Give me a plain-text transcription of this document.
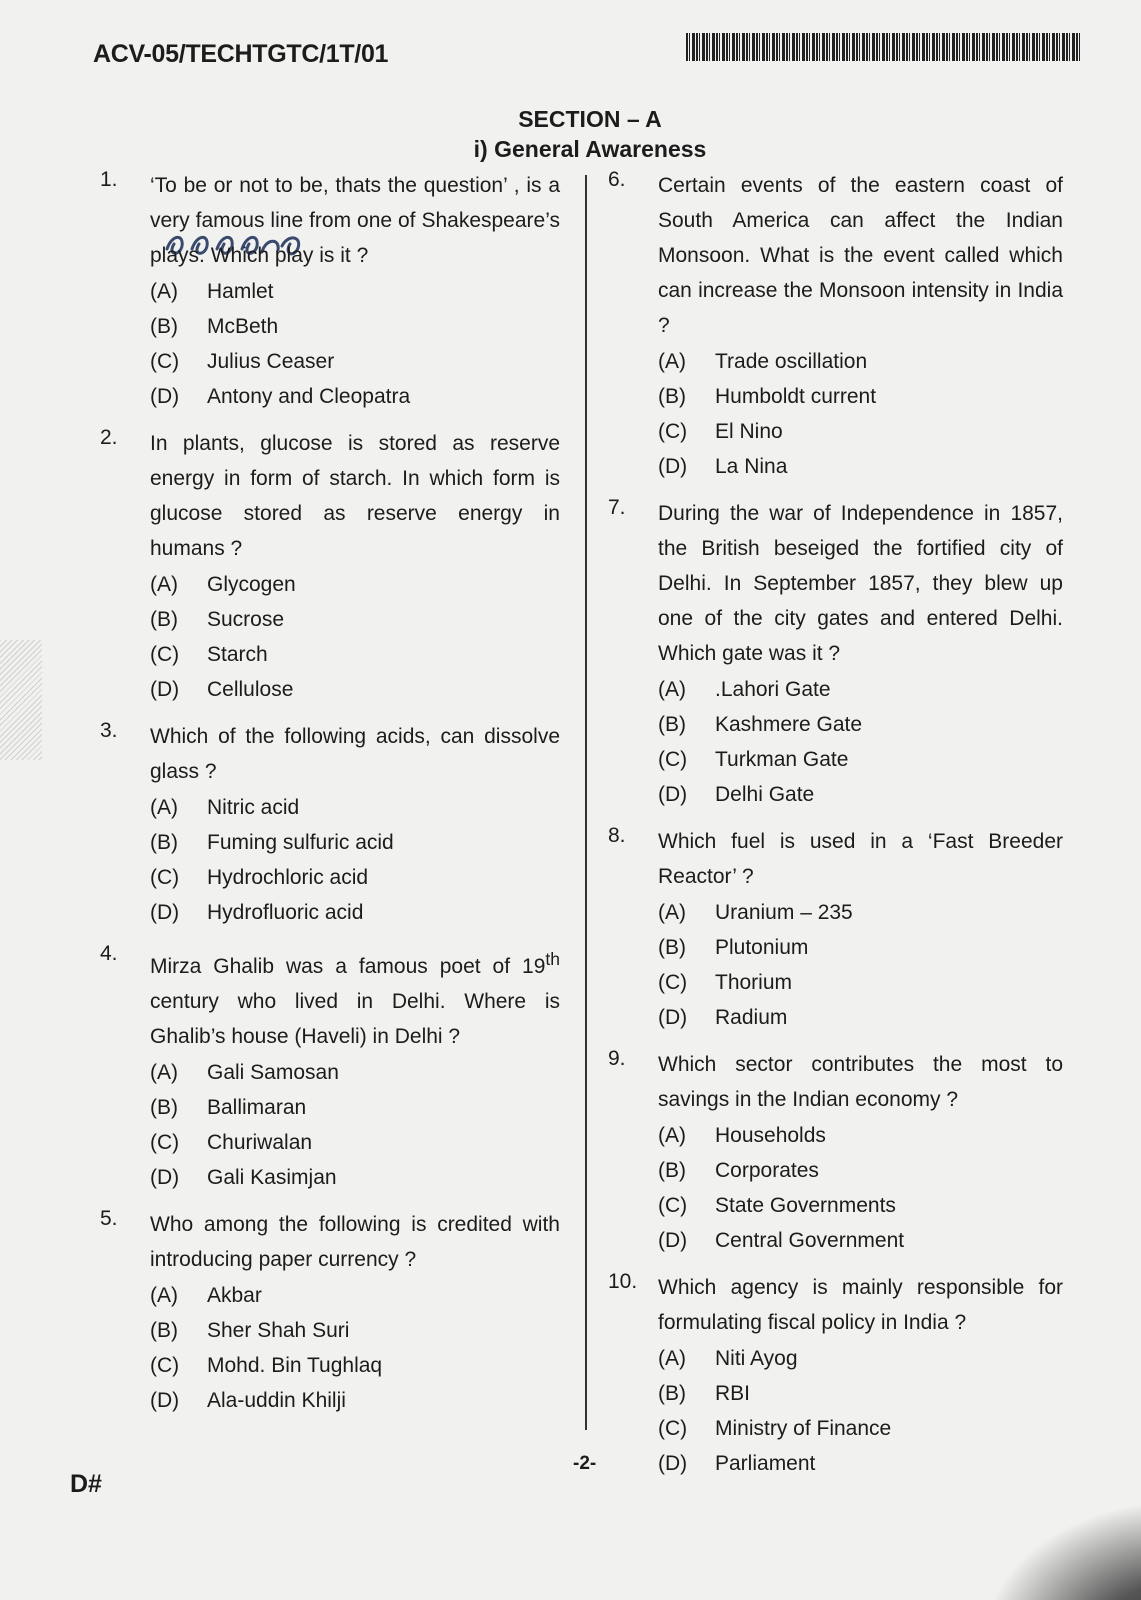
ACV-05/TECHTGTC/1T/01
SECTION – A
i) General Awareness
1.	‘To be or not to be, thats the question’ , is a very famous line from one of Shakespeare’s plays. Which play is it ?
(A)	Hamlet
(B)	McBeth
(C)	Julius Ceaser
(D)	Antony and Cleopatra
2.	In plants, glucose is stored as reserve energy in form of starch. In which form is glucose stored as reserve energy in humans ?
(A)	Glycogen
(B)	Sucrose
(C)	Starch
(D)	Cellulose
3.	Which of the following acids, can dissolve glass ?
(A)	Nitric acid
(B)	Fuming sulfuric acid
(C)	Hydrochloric acid
(D)	Hydrofluoric acid
4.
Mirza Ghalib was a famous poet of 19th century who lived in Delhi. Where is Ghalib’s house (Haveli) in Delhi ?
(A)	Gali Samosan
(B)	Ballimaran
(C)	Churiwalan
(D)	Gali Kasimjan
5.	Who among the following is credited with introducing paper currency ?
(A)	Akbar
(B)	Sher Shah Suri
(C)	Mohd. Bin Tughlaq
(D)	Ala-uddin Khilji
6.	Certain events of the eastern coast of South America can affect the Indian Monsoon. What is the event called which can increase the Monsoon intensity in India ?
(A)	Trade oscillation
(B)	Humboldt current
(C)	El Nino
(D)	La Nina
7.	During the war of Independence in 1857, the British beseiged the fortified city of Delhi. In September 1857, they blew up one of the city gates and entered Delhi. Which gate was it ?
(A)	.Lahori Gate
(B)	Kashmere Gate
(C)	Turkman Gate
(D)	Delhi Gate
8.	Which fuel is used in a ‘Fast Breeder Reactor’ ?
(A)	Uranium – 235
(B)	Plutonium
(C)	Thorium
(D)	Radium
9.	Which sector contributes the most to savings in the Indian economy ?
(A)	Households
(B)	Corporates
(C)	State Governments
(D)	Central Government
10. Which agency is mainly responsible for formulating fiscal policy in India ?
(A)	Niti Ayog
(B)	RBI
(C)	Ministry of Finance
(D)	Parliament
-2-
D#
